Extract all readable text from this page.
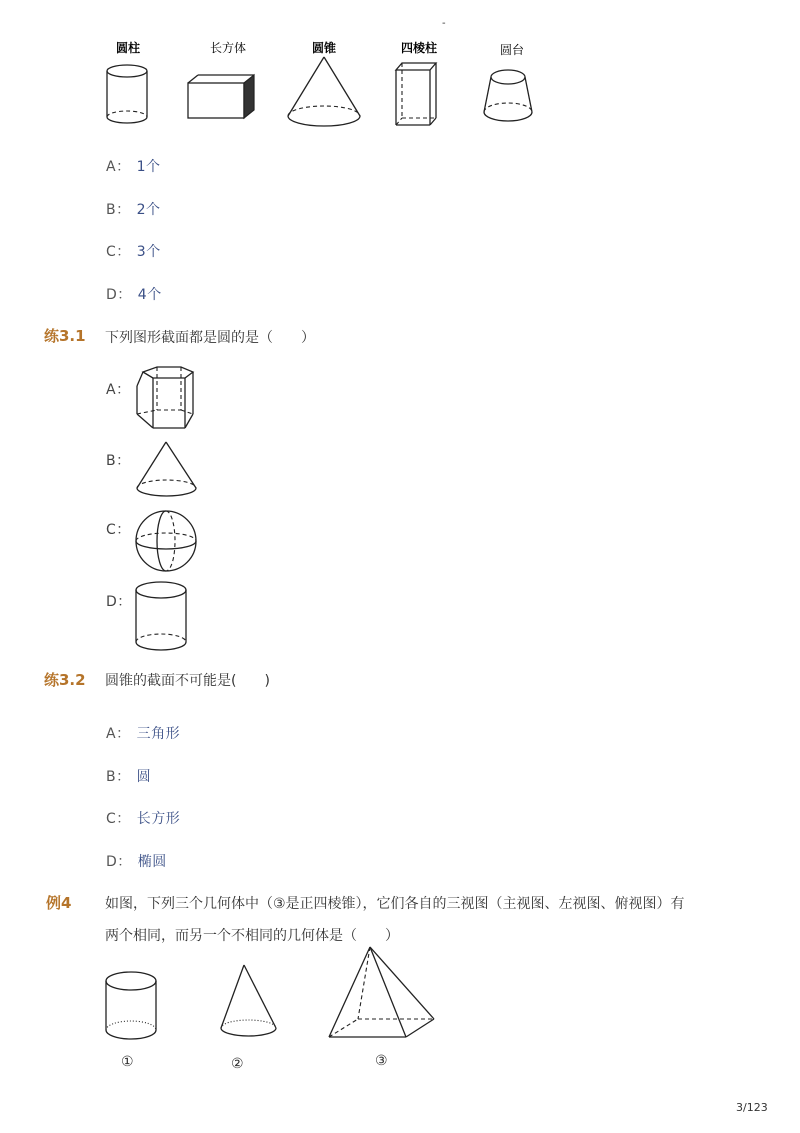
-
圆柱	长方体	圆锥	四棱柱	圆台
A： 1个
B： 2个
C： 3个
D： 4个
练3.1 下列图形截面都是圆的是（　　）
A：
B：
C：
D：
练3.2 圆锥的截面不可能是(　　)
A： 三角形
B： 圆
C： 长方形
D： 椭圆
例4 如图，下列三个几何体中（③是正四棱锥），它们各自的三视图（主视图、左视图、俯视图）有
两个相同，而另一个不相同的几何体是（　　）
①	②	③
3/123
